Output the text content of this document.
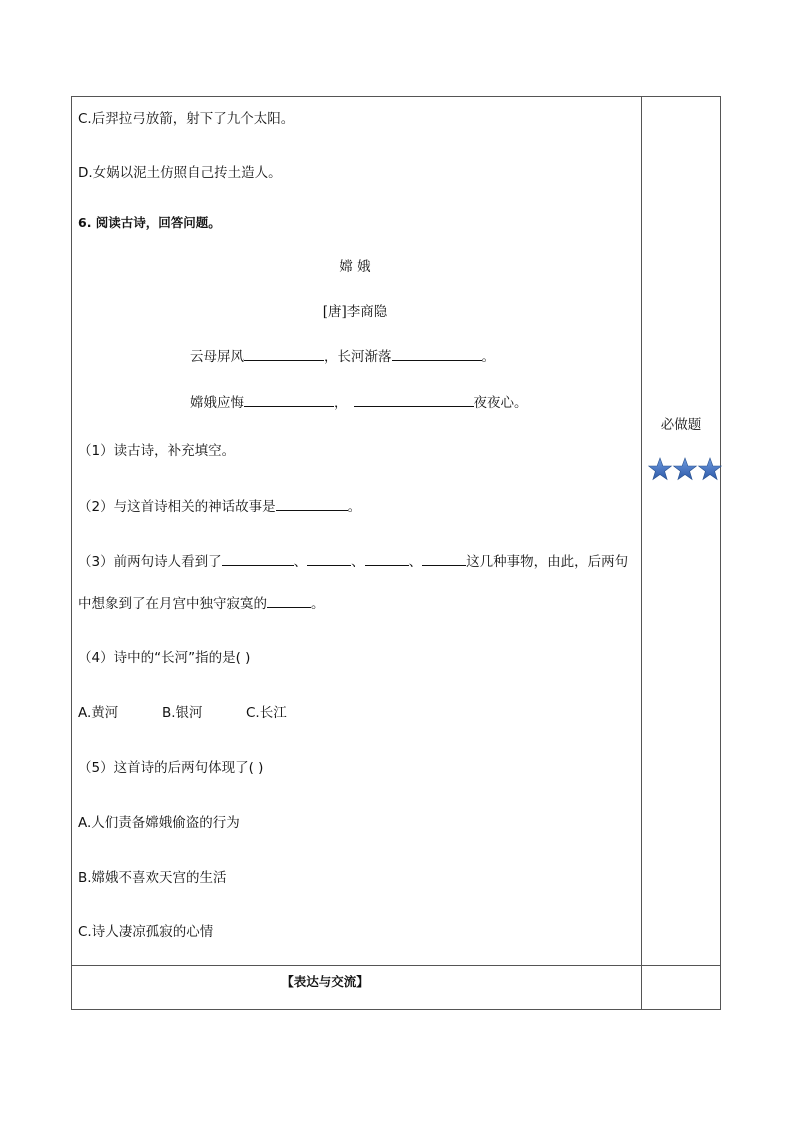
C.后羿拉弓放箭，射下了九个太阳。
D.女娲以泥土仿照自己抟土造人。
6. 阅读古诗，回答问题。
嫦 娥
[唐]李商隐
云母屏风	，长河渐落	。
嫦娥应悔	，	夜夜心。
（1）读古诗，补充填空。
（2）与这首诗相关的神话故事是	。
（3）前两句诗人看到了	、	、	、	这几种事物，由此，后两句
中想象到了在月宫中独守寂寞的	。
（4）诗中的“长河”指的是( )
A.黄河	B.银河	C.长江
（5）这首诗的后两句体现了( )
A.人们责备嫦娥偷盗的行为
B.嫦娥不喜欢天宫的生活
C.诗人凄凉孤寂的心情
必做题
【表达与交流】
